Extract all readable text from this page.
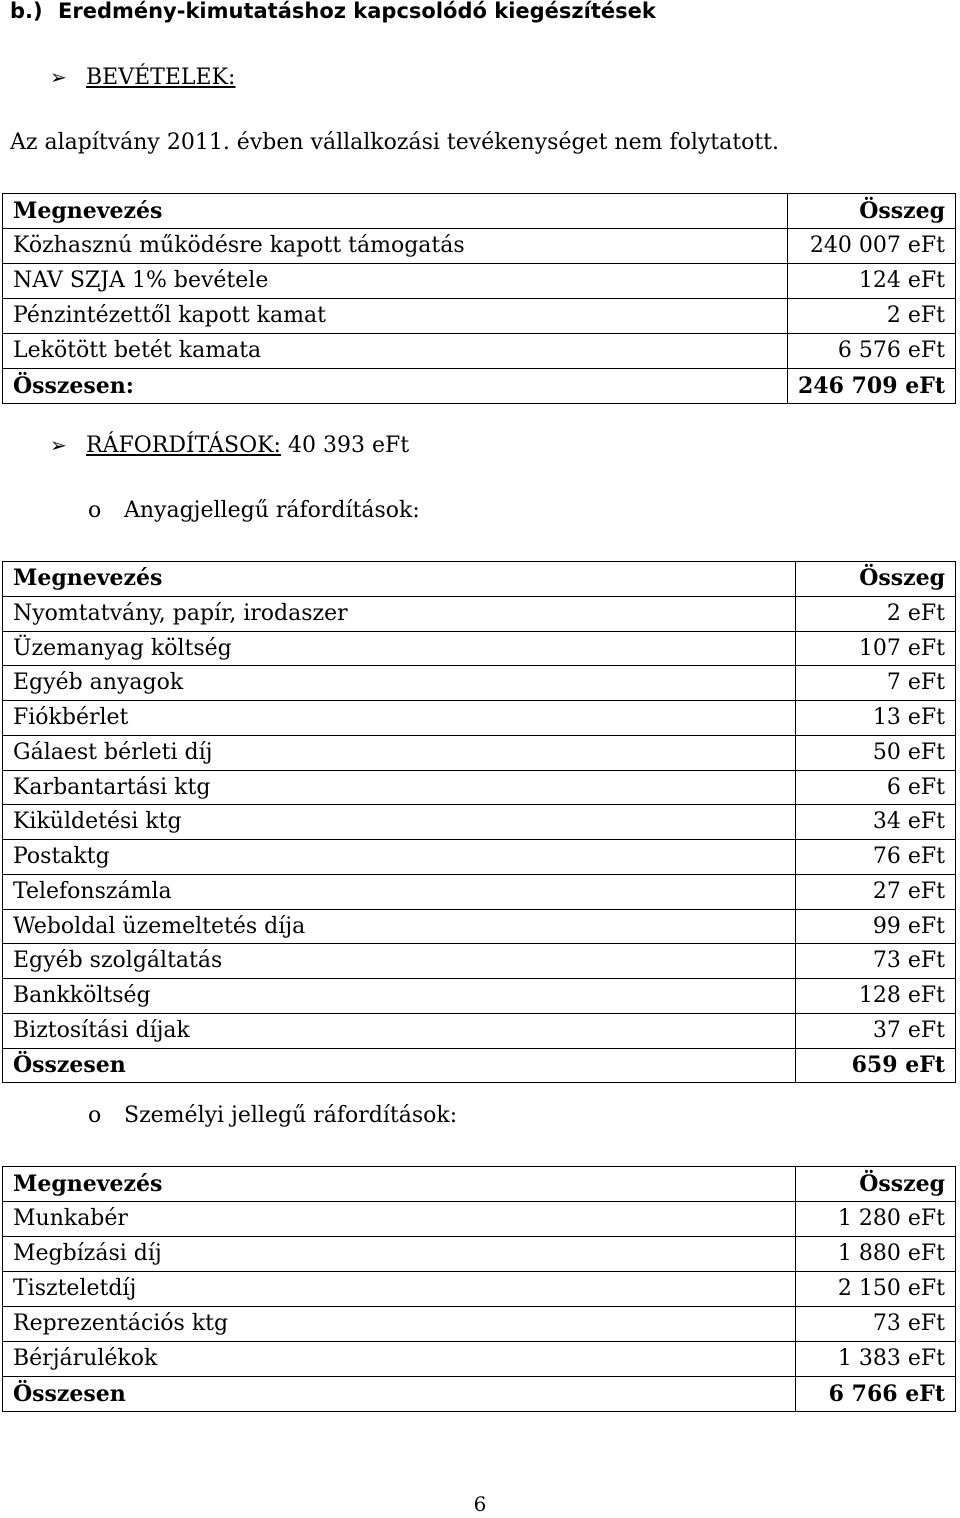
b.) Eredmény-kimutatáshoz kapcsolódó kiegészítések
➢ BEVÉTELEK:
Az alapítvány 2011. évben vállalkozási tevékenységet nem folytatott.
Megnevezés	Összeg
Közhasznú működésre kapott támogatás	240 007 eFt
NAV SZJA 1% bevétele	124 eFt
Pénzintézettől kapott kamat	2 eFt
Lekötött betét kamata	6 576 eFt
Összesen:	246 709 eFt
➢ RÁFORDÍTÁSOK: 40 393 eFt
o Anyagjellegű ráfordítások:
Megnevezés	Összeg
Nyomtatvány, papír, irodaszer	2 eFt
Üzemanyag költség	107 eFt
Egyéb anyagok	7 eFt
Fiókbérlet	13 eFt
Gálaest bérleti díj	50 eFt
Karbantartási ktg	6 eFt
Kiküldetési ktg	34 eFt
Postaktg	76 eFt
Telefonszámla	27 eFt
Weboldal üzemeltetés díja	99 eFt
Egyéb szolgáltatás	73 eFt
Bankköltség	128 eFt
Biztosítási díjak	37 eFt
Összesen	659 eFt
o Személyi jellegű ráfordítások:
Megnevezés	Összeg
Munkabér	1 280 eFt
Megbízási díj	1 880 eFt
Tiszteletdíj	2 150 eFt
Reprezentációs ktg	73 eFt
Bérjárulékok	1 383 eFt
Összesen	6 766 eFt
6
